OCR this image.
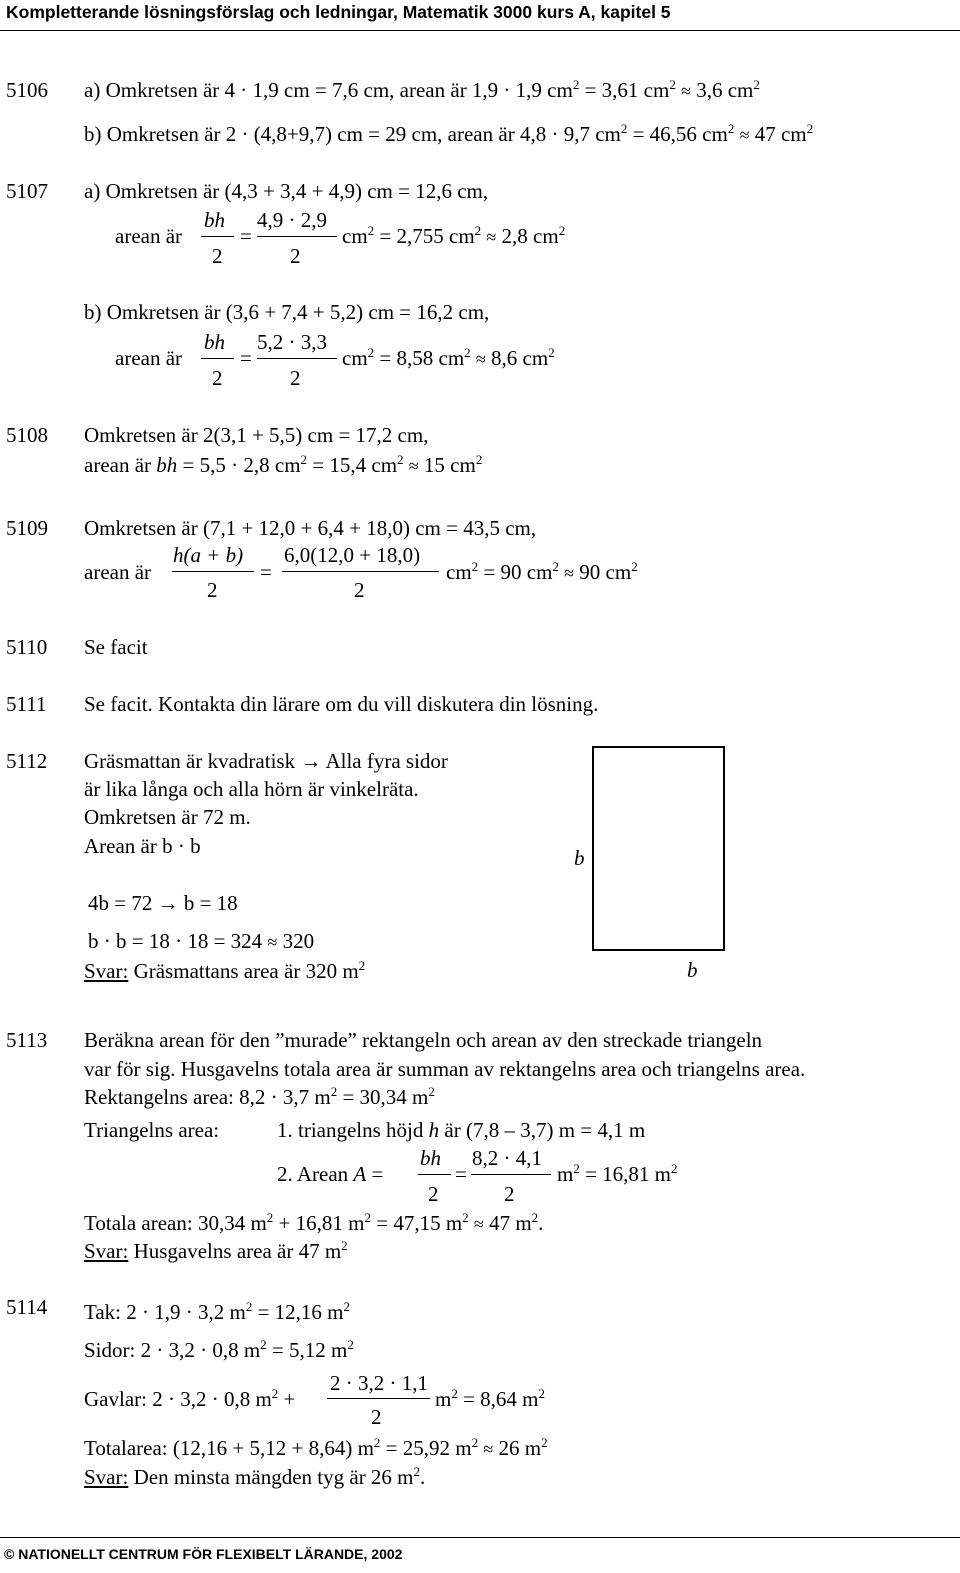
Kompletterande lösningsförslag och ledningar, Matematik 3000 kurs A, kapitel 5
5106 a) Omkretsen är 4 · 1,9 cm = 7,6 cm, arean är 1,9 · 1,9 $cm^2 = 3,61$ $cm^2 \approx 3,6$ $cm^2$
b) Omkretsen är 2 · (4,8+9,7) cm = 29 cm, arean är 4,8 · 9,7 $cm^2 = 46,56$ $cm^2 \approx 47$ $cm^2$
5107 a) Omkretsen är (4,3 + 3,4 + 4,9) cm = 12,6 cm,
arean är
bh
2
=
4,9 · 2,9
2
$cm^2 = 2,755$ $cm^2 \approx 2,8$ $cm^2$
b) Omkretsen är (3,6 + 7,4 + 5,2) cm = 16,2 cm,
arean är
bh
2
=
5,2 · 3,3
2
$cm^2 = 8,58$ $cm^2 \approx 8,6$ $cm^2$
5108 Omkretsen är 2(3,1 + 5,5) cm = 17,2 cm,
arean är bh = 5,5 · 2,8 $cm^2 = 15,4$ $cm^2 \approx 15$ $cm^2$
5109 Omkretsen är (7,1 + 12,0 + 6,4 + 18,0) cm = 43,5 cm,
arean är
h(a + b)
2
=
6,0(12,0 + 18,0)
2
$cm^2 = 90$ $cm^2 \approx 90$ $cm^2$
5110 Se facit
5111 Se facit. Kontakta din lärare om du vill diskutera din lösning.
5112 Gräsmattan är kvadratisk → Alla fyra sidor
är lika långa och alla hörn är vinkelräta.
Omkretsen är 72 m.
Arean är b · b
4b = 72 → b = 18
b · b = 18 · 18 = 324 ≈ 320
Svar: Gräsmattans area är 320 $m^2$
b
b
5113 Beräkna arean för den ”murade” rektangeln och arean av den streckade triangeln
var för sig. Husgavelns totala area är summan av rektangelns area och triangelns area.
Rektangelns area: 8,2 · 3,7 $m^2 = 30,34$ $m^2$
Triangelns area:	1. triangelns höjd h är (7,8 – 3,7) m = 4,1 m
2. Arean A =
bh
2
=
8,2 · 4,1
2
$m^2 = 16,81$ $m^2$
Totala arean: 30,34 $m^2 + 16,81$ $m^2 = 47,15$ $m^2 \approx 47$ $m^2$.
Svar: Husgavelns area är 47 $m^2$
5114 Tak: 2 · 1,9 · 3,2 $m^2 = 12,16$ $m^2$
Sidor: 2 · 3,2 · 0,8 $m^2 = 5,12$ $m^2$
Gavlar: 2 · 3,2 · 0,8 $m^2$ +
2 · 3,2 · 1,1
2
$m^2 = 8,64$ $m^2$
Totalarea: (12,16 + 5,12 + 8,64) $m^2 = 25,92$ $m^2 \approx 26$ $m^2$
Svar: Den minsta mängden tyg är 26 $m^2$.
© NATIONELLT CENTRUM FÖR FLEXIBELT LÄRANDE, 2002
